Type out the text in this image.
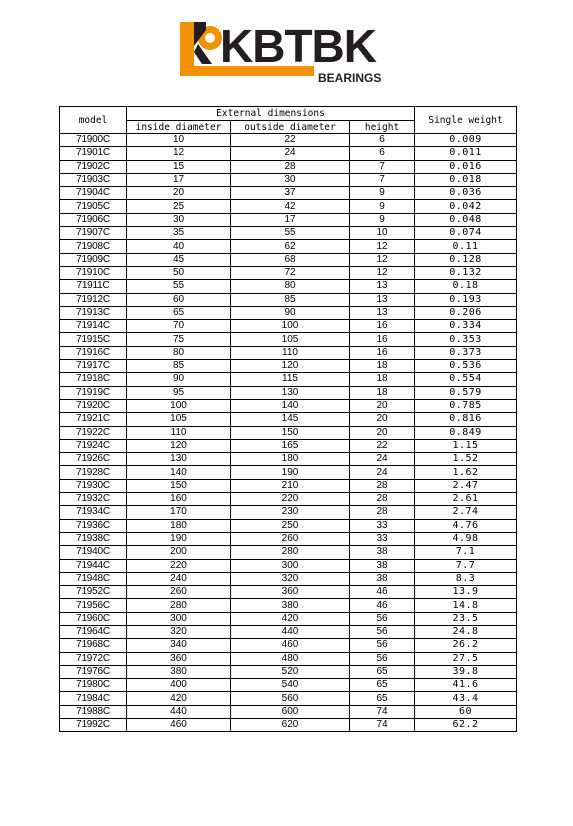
KBTBK
BEARINGS
model	External dimensions			Single weight
	inside diameter	outside diameter	height	
71900C	10	22	6	0.009
71901C	12	24	6	0.011
71902C	15	28	7	0.016
71903C	17	30	7	0.018
71904C	20	37	9	0.036
71905C	25	42	9	0.042
71906C	30	17	9	0.048
71907C	35	55	10	0.074
71908C	40	62	12	0.11
71909C	45	68	12	0.128
71910C	50	72	12	0.132
71911C	55	80	13	0.18
71912C	60	85	13	0.193
71913C	65	90	13	0.206
71914C	70	100	16	0.334
71915C	75	105	16	0.353
71916C	80	110	16	0.373
71917C	85	120	18	0.536
71918C	90	115	18	0.554
71919C	95	130	18	0.579
71920C	100	140	20	0.785
71921C	105	145	20	0.816
71922C	110	150	20	0.849
71924C	120	165	22	1.15
71926C	130	180	24	1.52
71928C	140	190	24	1.62
71930C	150	210	28	2.47
71932C	160	220	28	2.61
71934C	170	230	28	2.74
71936C	180	250	33	4.76
71938C	190	260	33	4.98
71940C	200	280	38	7.1
71944C	220	300	38	7.7
71948C	240	320	38	8.3
71952C	260	360	46	13.9
71956C	280	380	46	14.8
71960C	300	420	56	23.5
71964C	320	440	56	24.8
71968C	340	460	56	26.2
71972C	360	480	56	27.5
71976C	380	520	65	39.8
71980C	400	540	65	41.6
71984C	420	560	65	43.4
71988C	440	600	74	60
71992C	460	620	74	62.2
